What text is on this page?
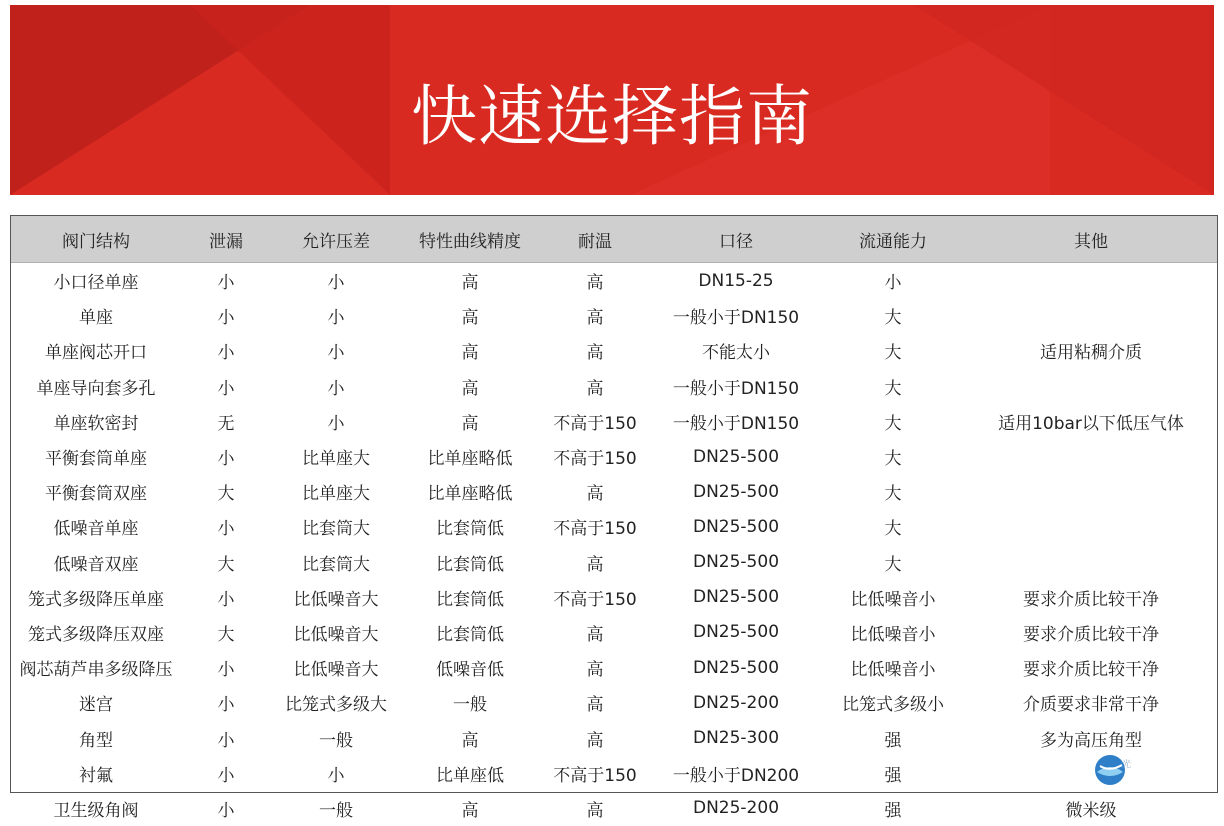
快速选择指南
阀门结构	泄漏	允许压差	特性曲线精度	耐温	口径	流通能力	其他
小口径单座	小	小	高	高	DN15-25	小	
单座	小	小	高	高	一般小于DN150	大	
单座阀芯开口	小	小	高	高	不能太小	大	适用粘稠介质
单座导向套多孔	小	小	高	高	一般小于DN150	大	
单座软密封	无	小	高	不高于150	一般小于DN150	大	适用10bar以下低压气体
平衡套筒单座	小	比单座大	比单座略低	不高于150	DN25-500	大	
平衡套筒双座	大	比单座大	比单座略低	高	DN25-500	大	
低噪音单座	小	比套筒大	比套筒低	不高于150	DN25-500	大	
低噪音双座	大	比套筒大	比套筒低	高	DN25-500	大	
笼式多级降压单座	小	比低噪音大	比套筒低	不高于150	DN25-500	比低噪音小	要求介质比较干净
笼式多级降压双座	大	比低噪音大	比套筒低	高	DN25-500	比低噪音小	要求介质比较干净
阀芯葫芦串多级降压	小	比低噪音大	低噪音低	高	DN25-500	比低噪音小	要求介质比较干净
迷宫	小	比笼式多级大	一般	高	DN25-200	比笼式多级小	介质要求非常干净
角型	小	一般	高	高	DN25-300	强	多为高压角型
衬氟	小	小	比单座低	不高于150	一般小于DN200	强	
卫生级角阀	小	一般	高	高	DN25-200	强	微米级
光
